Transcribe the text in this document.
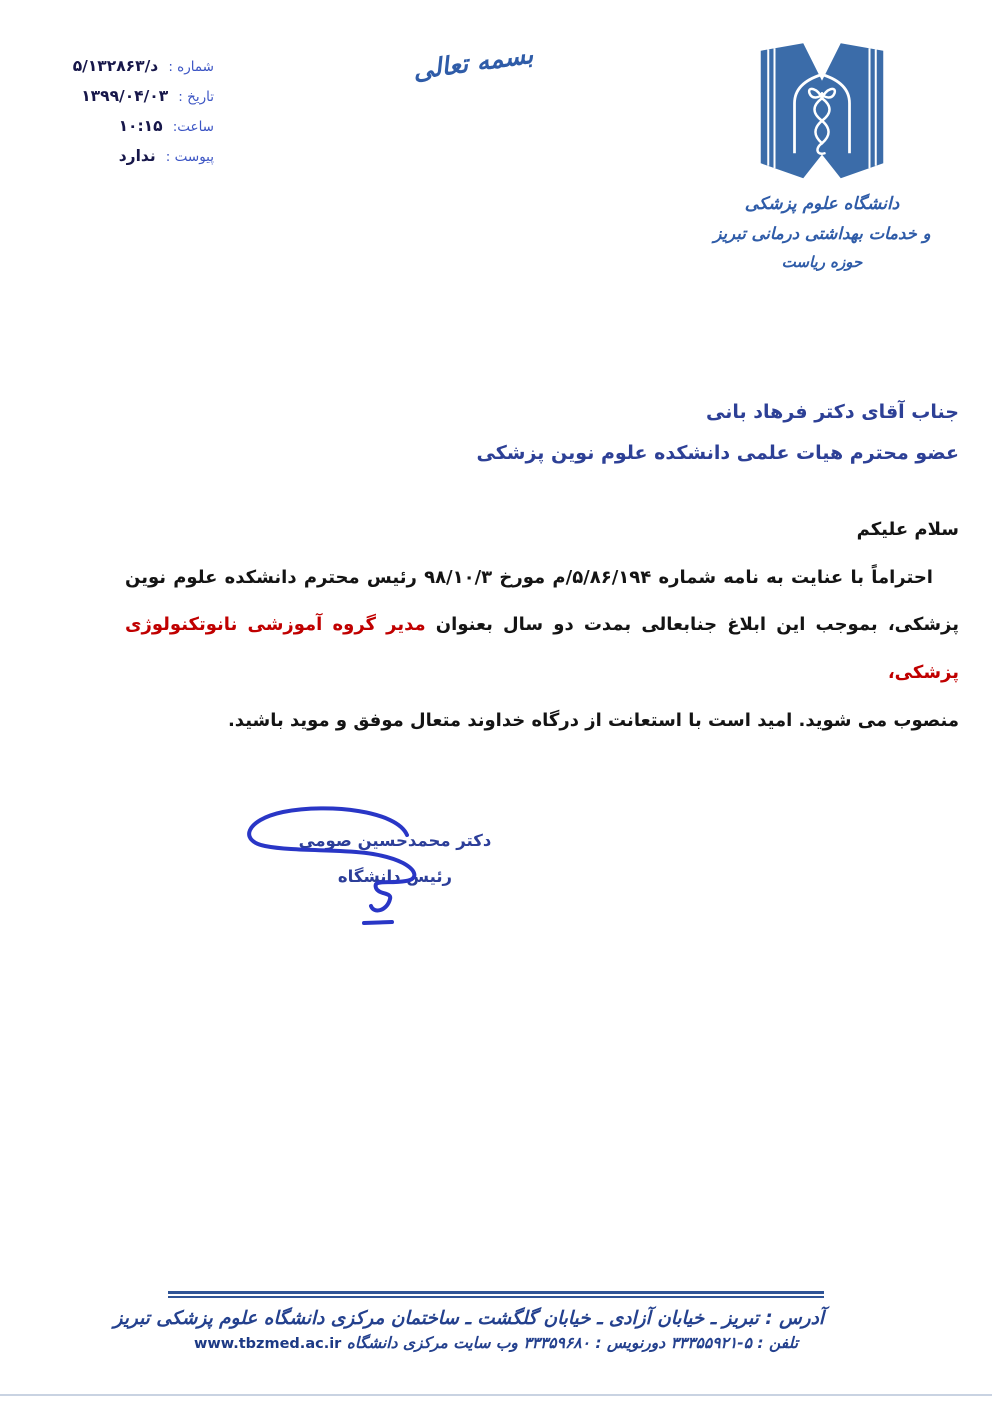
شماره : ۵/د/۱۳۲۸۶۳
تاریخ : ۱۳۹۹/۰۴/۰۳
ساعت: ۱۰:۱۵
پیوست : ندارد
بسمه تعالی
دانشگاه علوم پزشکی
و خدمات بهداشتی درمانی تبریز
حوزه ریاست
جناب آقای دکتر فرهاد بانی
عضو محترم هیات علمی دانشکده علوم نوین پزشکی
سلام علیکم
احتراماً با عنایت به نامه شماره ۵/۸۶/۱۹۴/م مورخ ۹۸/۱۰/۳ رئیس محترم دانشکده علوم نوین
پزشکی، بموجب این ابلاغ جنابعالی بمدت دو سال بعنوان مدیر گروه آموزشی نانوتکنولوژی پزشکی،
منصوب می شوید. امید است با استعانت از درگاه خداوند متعال موفق و موید باشید.
دکتر محمدحسین صومی
رئیس دانشگاه
آدرس : تبریز ـ خیابان آزادی ـ خیابان گلگشت ـ ساختمان مرکزی دانشگاه علوم پزشکی تبریز
تلفن : ۵-۳۳۳۵۵۹۲۱ دورنویس : ۳۳۳۵۹۶۸۰ وب سایت مرکزی دانشگاه www.tbzmed.ac.ir
